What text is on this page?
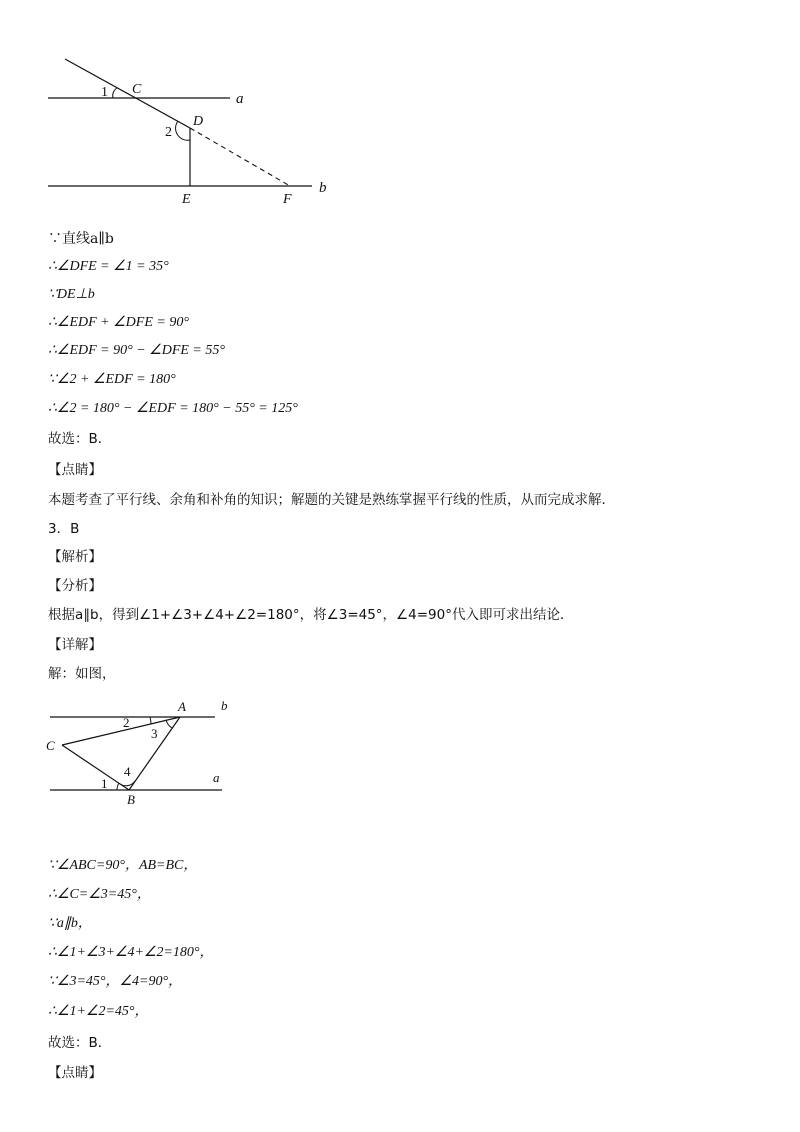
1 C
a
D
2
E	F
b
∵直线a∥b
∴∠DFE = ∠1 = 35°
∵DE⊥b
∴∠EDF + ∠DFE = 90°
∴∠EDF = 90° − ∠DFE = 55°
∵∠2 + ∠EDF = 180°
∴∠2 = 180° − ∠EDF = 180° − 55° = 125°
故选：B．
【点睛】
本题考查了平行线、余角和补角的知识；解题的关键是熟练掌握平行线的性质，从而完成求解．
3．B
【解析】
【分析】
根据a∥b，得到∠1+∠3+∠4+∠2=180°，将∠3=45°，∠4=90°代入即可求出结论．
【详解】
解：如图，
b
2
A
3
C
4	a
1
B
∵∠ABC=90°，AB=BC，
∴∠C=∠3=45°，
∵a∥b，
∴∠1+∠3+∠4+∠2=180°，
∵∠3=45°，∠4=90°，
∴∠1+∠2=45°，
故选：B．
【点睛】
